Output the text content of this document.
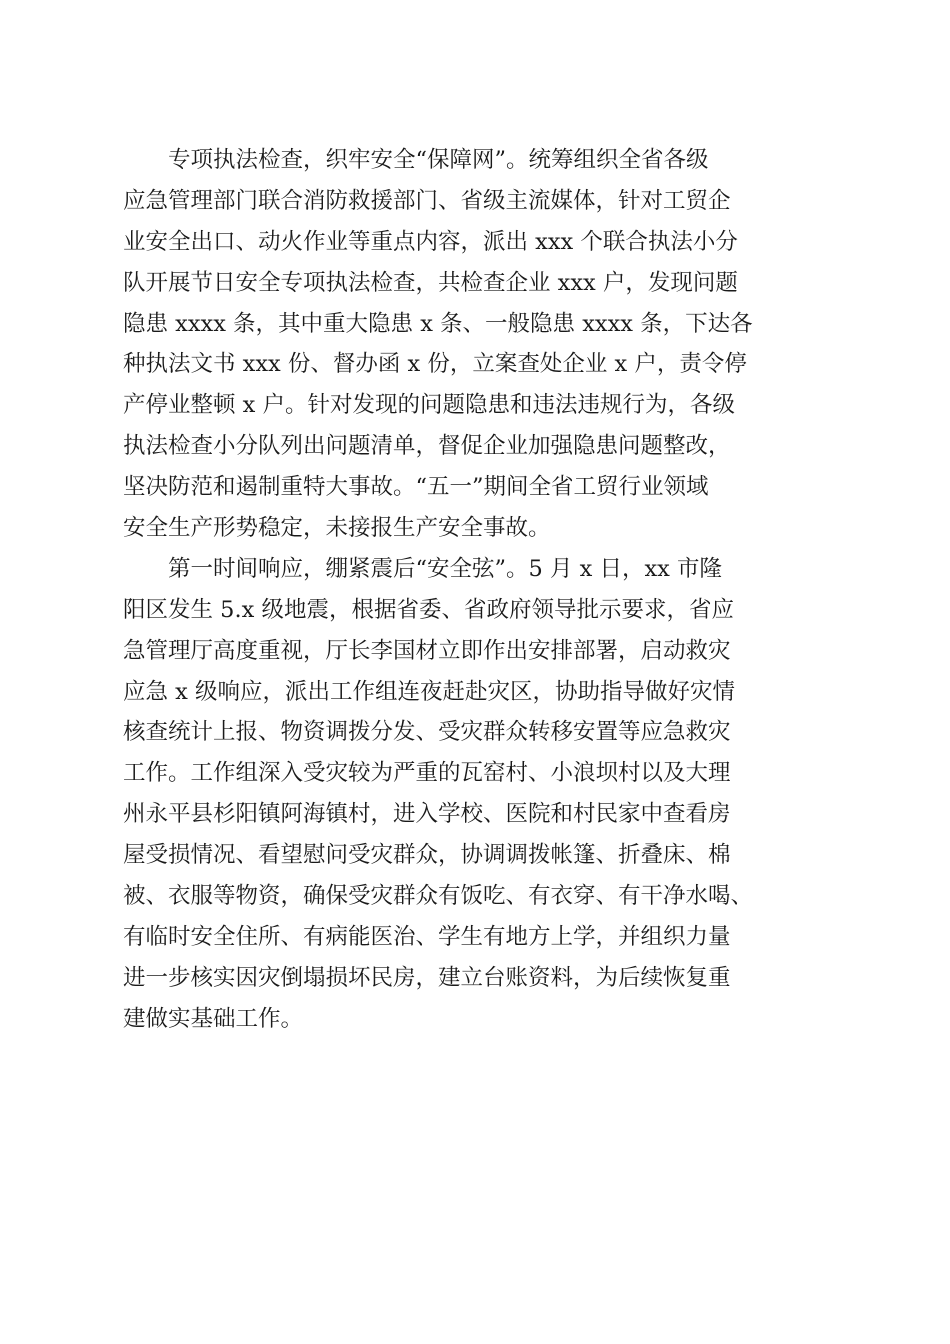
专项执法检查，织牢安全“保障网”。统筹组织全省各级
应急管理部门联合消防救援部门、省级主流媒体，针对工贸企
业安全出口、动火作业等重点内容，派出 xxx 个联合执法小分
队开展节日安全专项执法检查，共检查企业 xxx 户，发现问题
隐患 xxxx 条，其中重大隐患 x 条、一般隐患 xxxx 条，下达各
种执法文书 xxx 份、督办函 x 份，立案查处企业 x 户，责令停
产停业整顿 x 户。针对发现的问题隐患和违法违规行为，各级
执法检查小分队列出问题清单，督促企业加强隐患问题整改，
坚决防范和遏制重特大事故。“五一”期间全省工贸行业领域
安全生产形势稳定，未接报生产安全事故。

第一时间响应，绷紧震后“安全弦”。5 月 x 日，xx 市隆
阳区发生 5.x 级地震，根据省委、省政府领导批示要求，省应
急管理厅高度重视，厅长李国材立即作出安排部署，启动救灾
应急 x 级响应，派出工作组连夜赶赴灾区，协助指导做好灾情
核查统计上报、物资调拨分发、受灾群众转移安置等应急救灾
工作。工作组深入受灾较为严重的瓦窑村、小浪坝村以及大理
州永平县杉阳镇阿海镇村，进入学校、医院和村民家中查看房
屋受损情况、看望慰问受灾群众，协调调拨帐篷、折叠床、棉
被、衣服等物资，确保受灾群众有饭吃、有衣穿、有干净水喝、
有临时安全住所、有病能医治、学生有地方上学，并组织力量
进一步核实因灾倒塌损坏民房，建立台账资料，为后续恢复重
建做实基础工作。
